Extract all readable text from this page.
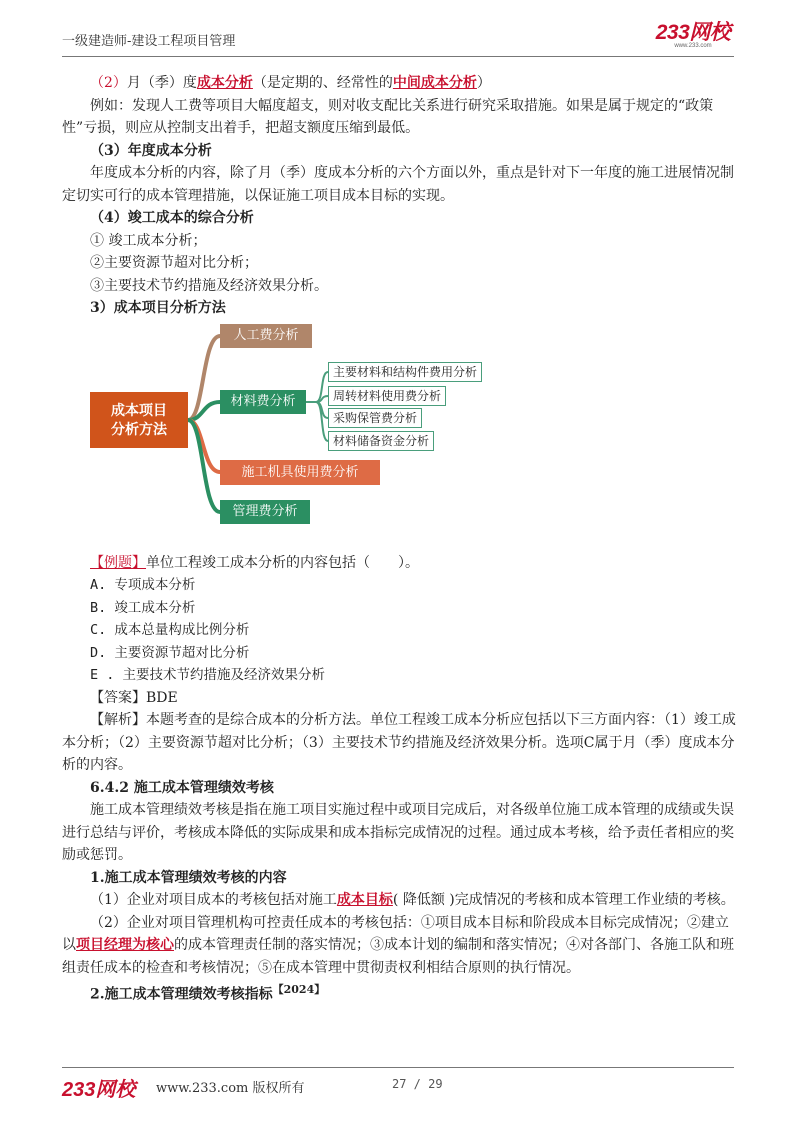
一级建造师-建设工程项目管理	233网校
www.233.com

（2）月（季）度成本分析（是定期的、经常性的中间成本分析）

例如：发现人工费等项目大幅度超支，则对收支配比关系进行研究采取措施。如果是属于规定的“政策性”亏损，则应从控制支出着手，把超支额度压缩到最低。

（3）年度成本分析

年度成本分析的内容，除了月（季）度成本分析的六个方面以外，重点是针对下一年度的施工进展情况制定切实可行的成本管理措施，以保证施工项目成本目标的实现。

（4）竣工成本的综合分析

① 竣工成本分析；

②主要资源节超对比分析；

③主要技术节约措施及经济效果分析。

3）成本项目分析方法

成本项目
分析方法
人工费分析
材料费分析
施工机具使用费分析
管理费分析
主要材料和结构件费用分析
周转材料使用费分析
采购保管费分析
材料储备资金分析

【例题】单位工程竣工成本分析的内容包括（　　）。

A. 专项成本分析

B. 竣工成本分析

C. 成本总量构成比例分析

D. 主要资源节超对比分析

E . 主要技术节约措施及经济效果分析

【答案】BDE

【解析】本题考查的是综合成本的分析方法。单位工程竣工成本分析应包括以下三方面内容：（1）竣工成本分析；（2）主要资源节超对比分析；（3）主要技术节约措施及经济效果分析。选项C属于月（季）度成本分析的内容。

6.4.2 施工成本管理绩效考核

施工成本管理绩效考核是指在施工项目实施过程中或项目完成后，对各级单位施工成本管理的成绩或失误进行总结与评价，考核成本降低的实际成果和成本指标完成情况的过程。通过成本考核，给予责任者相应的奖励或惩罚。

1.施工成本管理绩效考核的内容

（1）企业对项目成本的考核包括对施工成本目标( 降低额 )完成情况的考核和成本管理工作业绩的考核。

（2）企业对项目管理机构可控责任成本的考核包括：①项目成本目标和阶段成本目标完成情况；②建立以项目经理为核心的成本管理责任制的落实情况；③成本计划的编制和落实情况；④对各部门、各施工队和班组责任成本的检查和考核情况；⑤在成本管理中贯彻责权利相结合原则的执行情况。

2.施工成本管理绩效考核指标$^{【2024】}$

233网校 www.233.com 版权所有	27 / 29
